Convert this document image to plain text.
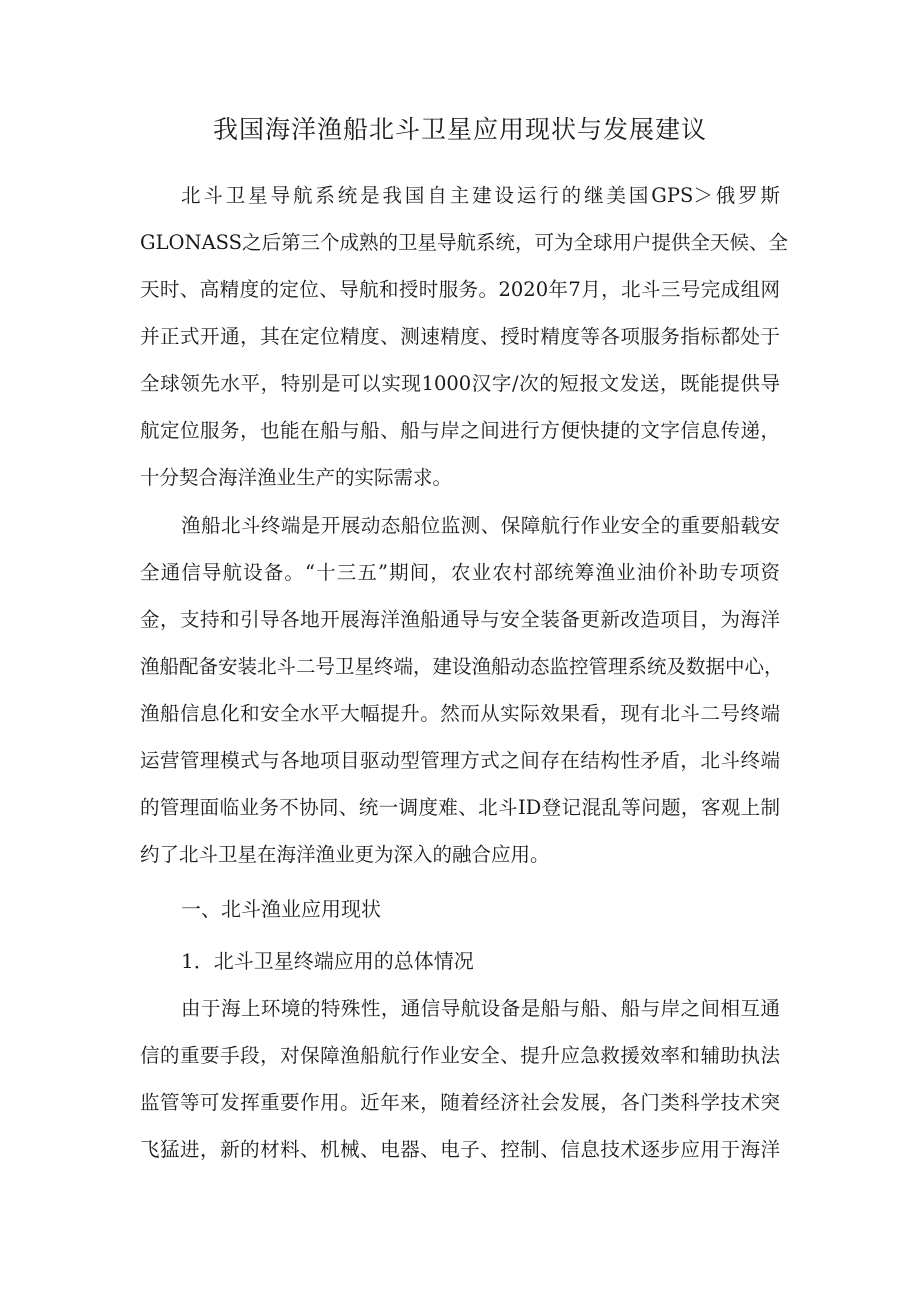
我国海洋渔船北斗卫星应用现状与发展建议
北斗卫星导航系统是我国自主建设运行的继美国GPS＞俄罗斯
GLONASS之后第三个成熟的卫星导航系统，可为全球用户提供全天候、全
天时、高精度的定位、导航和授时服务。2020年7月，北斗三号完成组网
并正式开通，其在定位精度、测速精度、授时精度等各项服务指标都处于
全球领先水平，特别是可以实现1000汉字/次的短报文发送，既能提供导
航定位服务，也能在船与船、船与岸之间进行方便快捷的文字信息传递，
十分契合海洋渔业生产的实际需求。
渔船北斗终端是开展动态船位监测、保障航行作业安全的重要船载安
全通信导航设备。“十三五”期间，农业农村部统筹渔业油价补助专项资
金，支持和引导各地开展海洋渔船通导与安全装备更新改造项目，为海洋
渔船配备安装北斗二号卫星终端，建设渔船动态监控管理系统及数据中心，
渔船信息化和安全水平大幅提升。然而从实际效果看，现有北斗二号终端
运营管理模式与各地项目驱动型管理方式之间存在结构性矛盾，北斗终端
的管理面临业务不协同、统一调度难、北斗ID登记混乱等问题，客观上制
约了北斗卫星在海洋渔业更为深入的融合应用。
一、北斗渔业应用现状
1．北斗卫星终端应用的总体情况
由于海上环境的特殊性，通信导航设备是船与船、船与岸之间相互通
信的重要手段，对保障渔船航行作业安全、提升应急救援效率和辅助执法
监管等可发挥重要作用。近年来，随着经济社会发展，各门类科学技术突
飞猛进，新的材料、机械、电器、电子、控制、信息技术逐步应用于海洋
